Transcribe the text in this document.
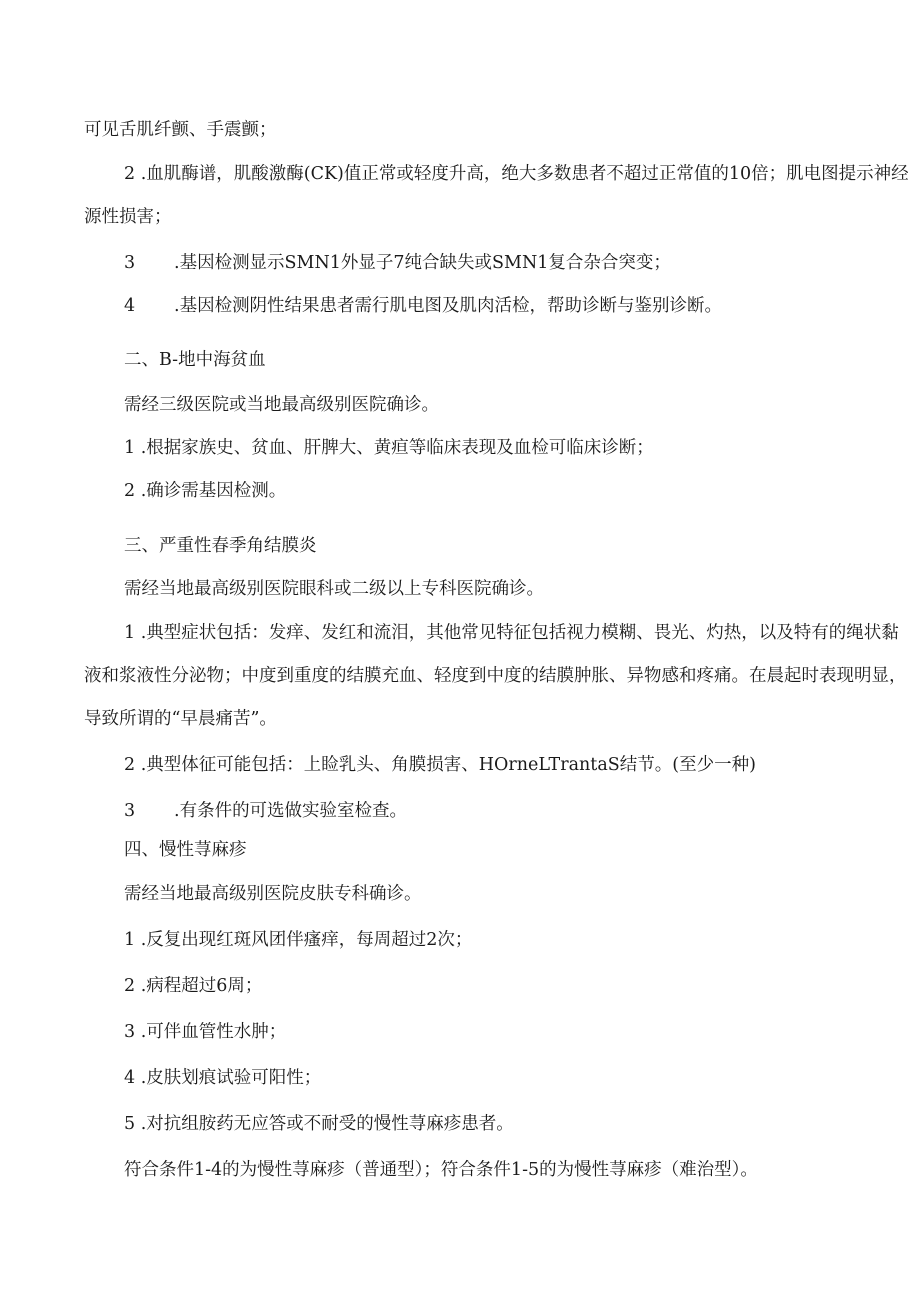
可见舌肌纤颤、手震颤；
2 .血肌酶谱，肌酸激酶(CK)值正常或轻度升高，绝大多数患者不超过正常值的10倍；肌电图提示神经源性损害；
3 .基因检测显示SMN1外显子7纯合缺失或SMN1复合杂合突变；
4 .基因检测阴性结果患者需行肌电图及肌肉活检，帮助诊断与鉴别诊断。
二、B-地中海贫血
需经三级医院或当地最高级别医院确诊。
1 .根据家族史、贫血、肝脾大、黄疸等临床表现及血检可临床诊断；
2 .确诊需基因检测。
三、严重性春季角结膜炎
需经当地最高级别医院眼科或二级以上专科医院确诊。
1 .典型症状包括：发痒、发红和流泪，其他常见特征包括视力模糊、畏光、灼热，以及特有的绳状黏液和浆液性分泌物；中度到重度的结膜充血、轻度到中度的结膜肿胀、异物感和疼痛。在晨起时表现明显，导致所谓的“早晨痛苦”。
2 .典型体征可能包括：上睑乳头、角膜损害、HOrneLTrantaS结节。(至少一种)
3 .有条件的可选做实验室检查。
四、慢性荨麻疹
需经当地最高级别医院皮肤专科确诊。
1 .反复出现红斑风团伴瘙痒，每周超过2次；
2 .病程超过6周；
3 .可伴血管性水肿；
4 .皮肤划痕试验可阳性；
5 .对抗组胺药无应答或不耐受的慢性荨麻疹患者。
符合条件1-4的为慢性荨麻疹（普通型）；符合条件1-5的为慢性荨麻疹（难治型）。
